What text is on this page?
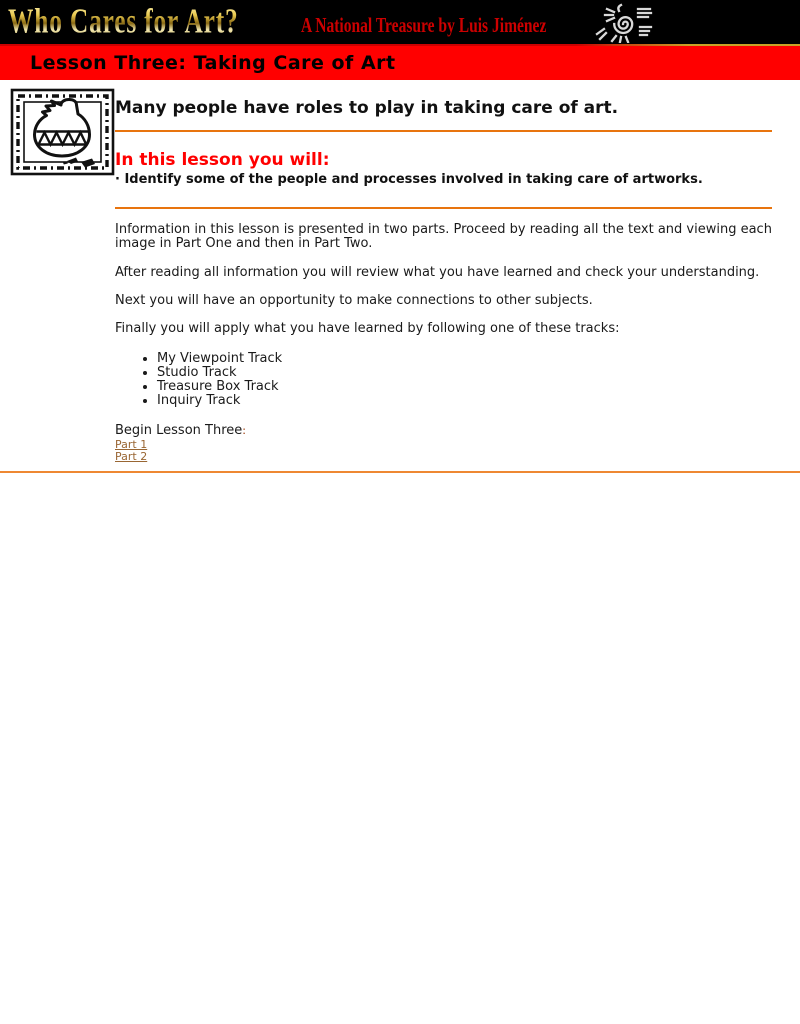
Who Cares for Art?	A National Treasure by Luis Jiménez
Lesson Three: Taking Care of Art
Many people have roles to play in taking care of art.
In this lesson you will:
· Identify some of the people and processes involved in taking care of artworks.

Information in this lesson is presented in two parts. Proceed by reading all the text and viewing each image in Part One and then in Part Two.

After reading all information you will review what you have learned and check your understanding.

Next you will have an opportunity to make connections to other subjects.

Finally you will apply what you have learned by following one of these tracks:

• My Viewpoint Track
• Studio Track
• Treasure Box Track
• Inquiry Track

Begin Lesson Three:

Part 1
Part 2
